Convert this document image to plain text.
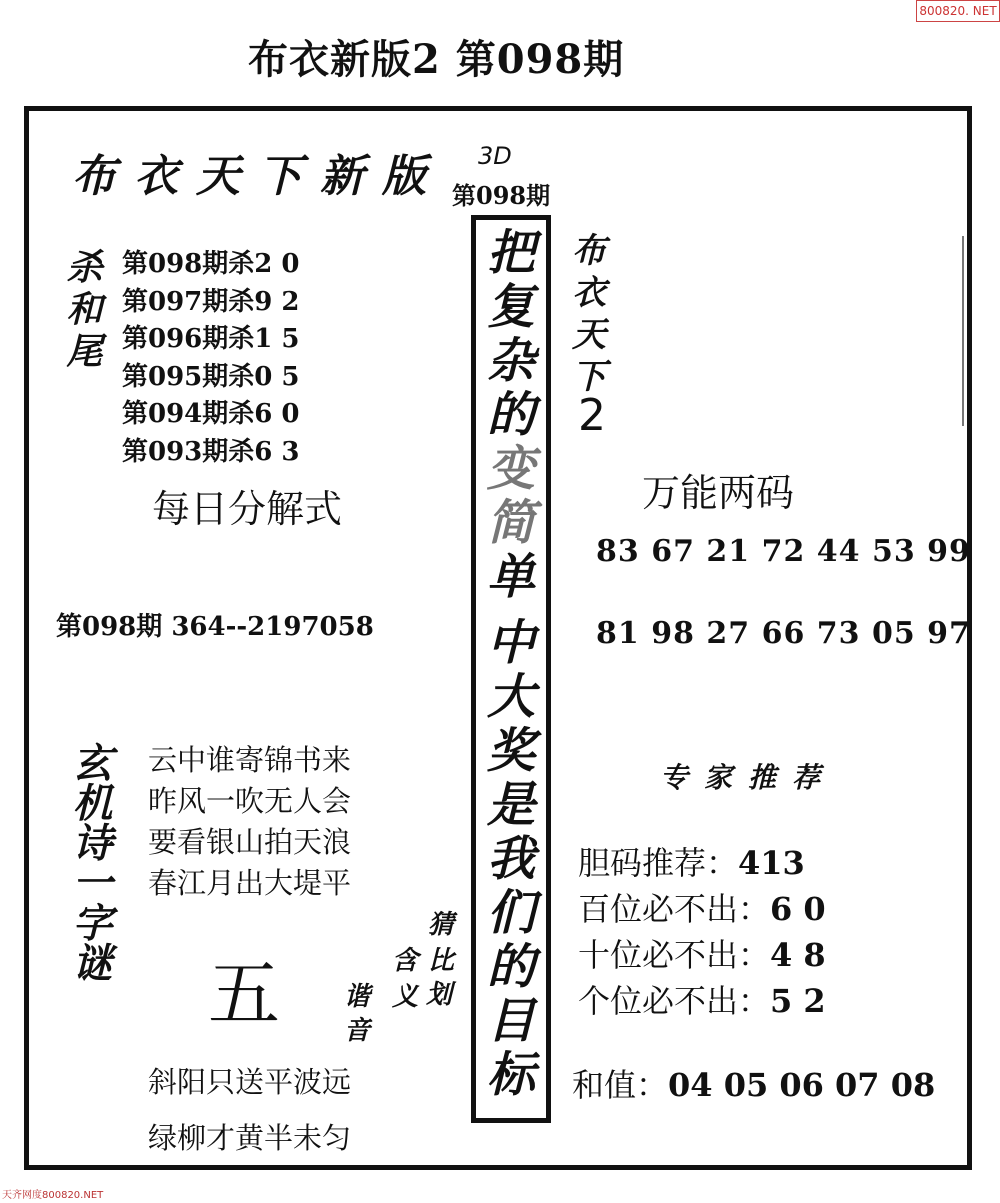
800820. NET
布衣新版2 第098期
布衣天下新版 3D
第098期
杀和尾 第098期杀2 0
第097期杀9 2
第096期杀1 5
第095期杀0 5
第094期杀6 0
第093期杀6 3
每日分解式
第098期 364--2197058
把
复
杂
的
变
简
单
中
大
奖
是
我
们
的
目
标
布
衣
天
下
2
万能两码
83 67 21 72 44 53 99
81 98 27 66 73 05 97
专家推荐
胆码推荐：413
百位必不出：6 0
十位必不出：4 8
个位必不出：5 2
和值：04 05 06 07 08
玄机诗一字谜 云中谁寄锦书来
昨风一吹无人会
要看银山拍天浪
春江月出大堤平
五
猜
比
划
含
义
谐
音
斜阳只送平波远
绿柳才黄半未匀
天齐网度800820.NET
